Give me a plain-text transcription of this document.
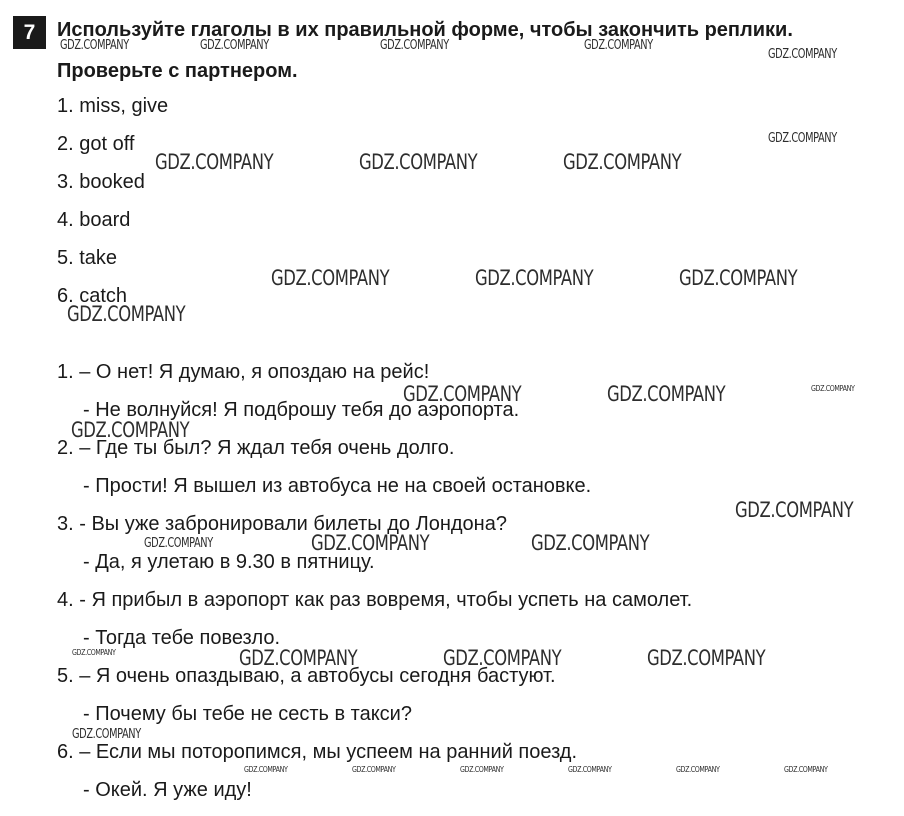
7	Используйте глаголы в их правильной форме, чтобы закончить реплики.
Проверьте с партнером.
1. miss, give
2. got off
3. booked
4. board
5. take
6. catch
1. – О нет! Я думаю, я опоздаю на рейс!
- Не волнуйся! Я подброшу тебя до аэропорта.
2. – Где ты был? Я ждал тебя очень долго.
- Прости! Я вышел из автобуса не на своей остановке.
3. - Вы уже забронировали билеты до Лондона?
- Да, я улетаю в 9.30 в пятницу.
4. - Я прибыл в аэропорт как раз вовремя, чтобы успеть на самолет.
- Тогда тебе повезло.
5. – Я очень опаздываю, а автобусы сегодня бастуют.
- Почему бы тебе не сесть в такси?
6. – Если мы поторопимся, мы успеем на ранний поезд.
- Окей. Я уже иду!
GDZ.COMPANY	GDZ.COMPANY	GDZ.COMPANY	GDZ.COMPANY
GDZ.COMPANY
GDZ.COMPANY
GDZ.COMPANY	GDZ.COMPANY	GDZ.COMPANY
GDZ.COMPANY	GDZ.COMPANY	GDZ.COMPANY
GDZ.COMPANY
GDZ.COMPANY	GDZ.COMPANY	GDZ.COMPANY
GDZ.COMPANY
GDZ.COMPANY
GDZ.COMPANY	GDZ.COMPANY	GDZ.COMPANY
GDZ.COMPANY	GDZ.COMPANY	GDZ.COMPANY	GDZ.COMPANY
GDZ.COMPANY
GDZ.COMPANY	GDZ.COMPANY	GDZ.COMPANY	GDZ.COMPANY	GDZ.COMPANY	GDZ.COMPANY
